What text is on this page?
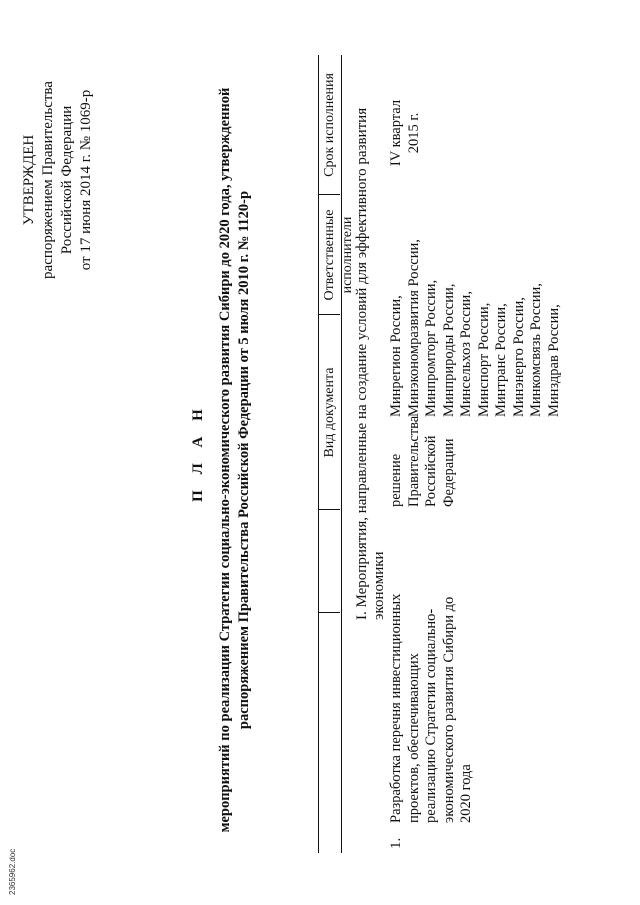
2365962.doc
УТВЕРЖДЕН распоряжением Правительства Российской Федерации от 17 июня 2014 г. № 1069-р
П Л А Н мероприятий по реализации Стратегии социально-экономического развития Сибири до 2020 года, утвержденной распоряжением Правительства Российской Федерации от 5 июля 2010 г. № 1120-р	Вид документа
Ответственные исполнители
Срок исполнения I. Мероприятия, направленные на создание условий для эффективного развития экономики
1.
Разработка перечня инвестиционных проектов, обеспечивающих реализацию Стратегии социально- экономического развития Сибири до 2020 года
решение Правительства Российской Федерации
Минрегион России, Минэкономразвития России, Минпромторг России, Минприроды России, Минсельхоз России, Минспорт России, Минтранс России, Минэнерго России, Минкомсвязь России, Минздрав России,
IV квартал 2015 г.
